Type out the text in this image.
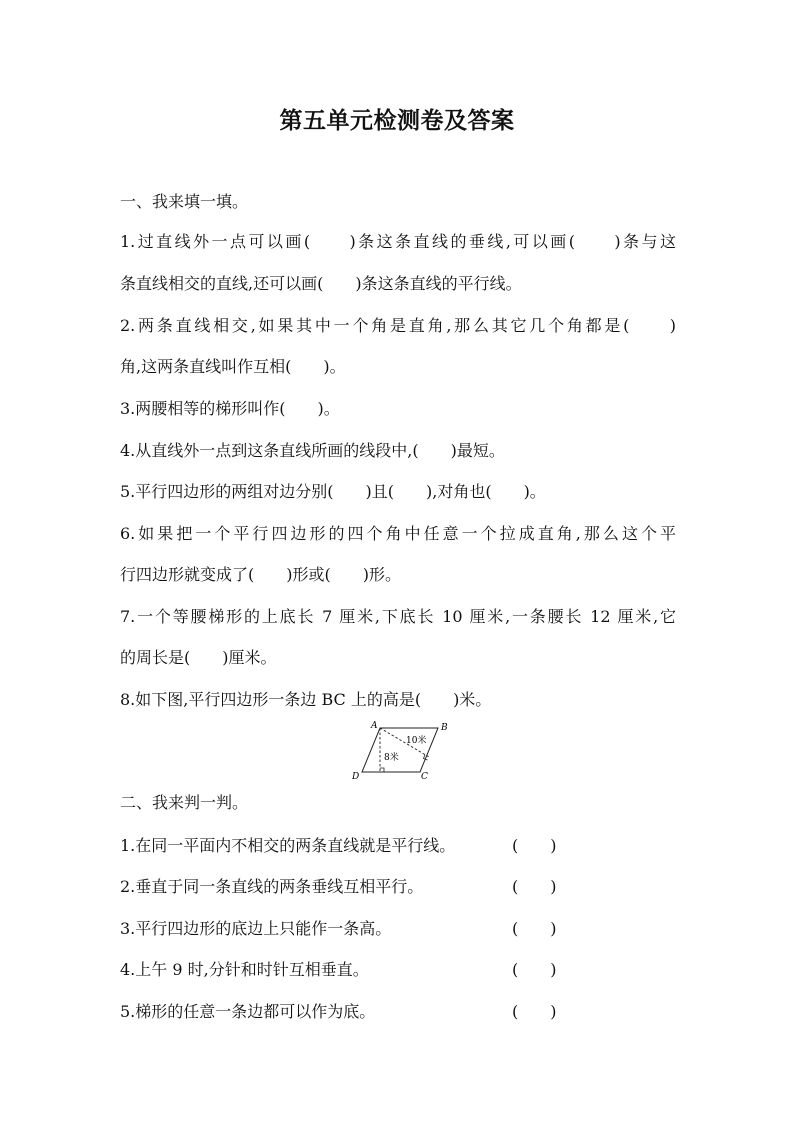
第五单元检测卷及答案
一、我来填一填。
1.过直线外一点可以画(　　)条这条直线的垂线,可以画(　　)条与这
条直线相交的直线,还可以画(　　)条这条直线的平行线。
2.两条直线相交,如果其中一个角是直角,那么其它几个角都是(　　)
角,这两条直线叫作互相(　　)。
3.两腰相等的梯形叫作(　　)。
4.从直线外一点到这条直线所画的线段中,(　　)最短。
5.平行四边形的两组对边分别(　　)且(　　),对角也(　　)。
6.如果把一个平行四边形的四个角中任意一个拉成直角,那么这个平
行四边形就变成了(　　)形或(　　)形。
7.一个等腰梯形的上底长 7 厘米,下底长 10 厘米,一条腰长 12 厘米,它
的周长是(　　)厘米。
8.如下图,平行四边形一条边 BC 上的高是(　　)米。
A	B
C
D
10米
8米
二、我来判一判。
1.在同一平面内不相交的两条直线就是平行线。	(　　)
2.垂直于同一条直线的两条垂线互相平行。	(　　)
3.平行四边形的底边上只能作一条高。	(　　)
4.上午 9 时,分针和时针互相垂直。	(　　)
5.梯形的任意一条边都可以作为底。	(　　)
